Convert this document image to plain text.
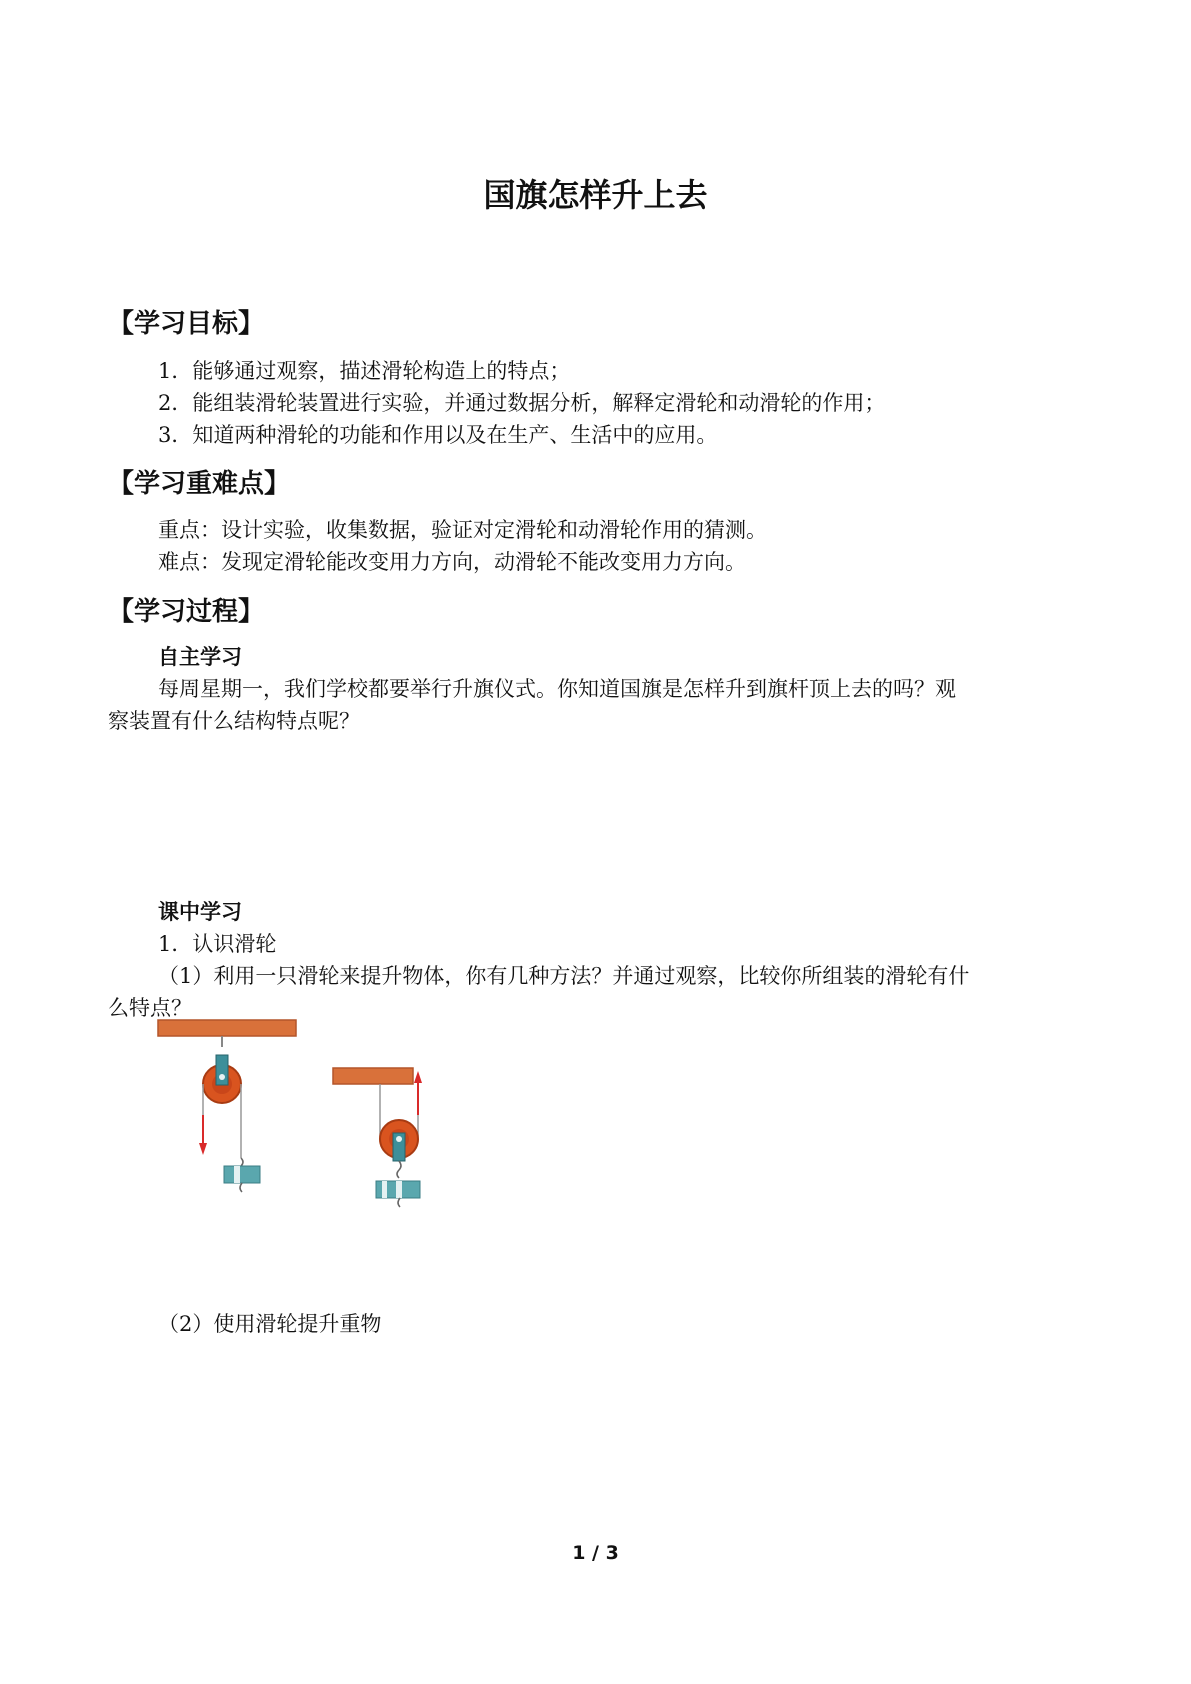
国旗怎样升上去
【学习目标】
1．能够通过观察，描述滑轮构造上的特点；
2．能组装滑轮装置进行实验，并通过数据分析，解释定滑轮和动滑轮的作用；
3．知道两种滑轮的功能和作用以及在生产、生活中的应用。
【学习重难点】
重点：设计实验，收集数据，验证对定滑轮和动滑轮作用的猜测。
难点：发现定滑轮能改变用力方向，动滑轮不能改变用力方向。
【学习过程】
自主学习
每周星期一，我们学校都要举行升旗仪式。你知道国旗是怎样升到旗杆顶上去的吗？观
察装置有什么结构特点呢？
课中学习
1．认识滑轮
（1）利用一只滑轮来提升物体，你有几种方法？并通过观察，比较你所组装的滑轮有什
么特点？
（2）使用滑轮提升重物
1 / 3
